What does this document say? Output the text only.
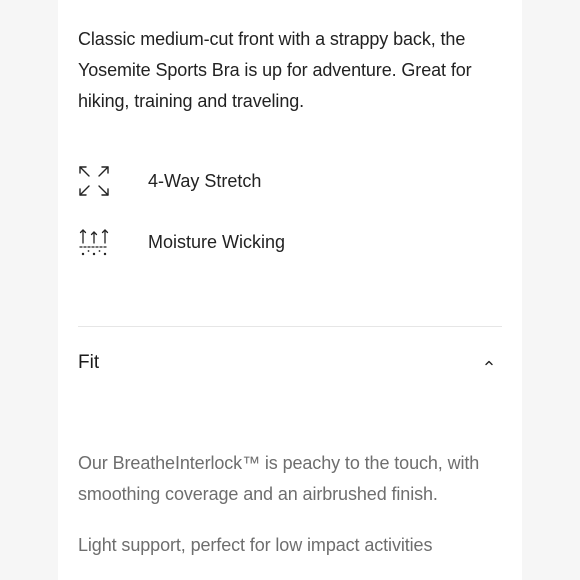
Classic medium-cut front with a strappy back, the
Yosemite Sports Bra is up for adventure. Great for
hiking, training and traveling.

4-Way Stretch
Moisture Wicking
Fit

Our BreatheInterlock™ is peachy to the touch, with
smoothing coverage and an airbrushed finish.

Light support, perfect for low impact activities
